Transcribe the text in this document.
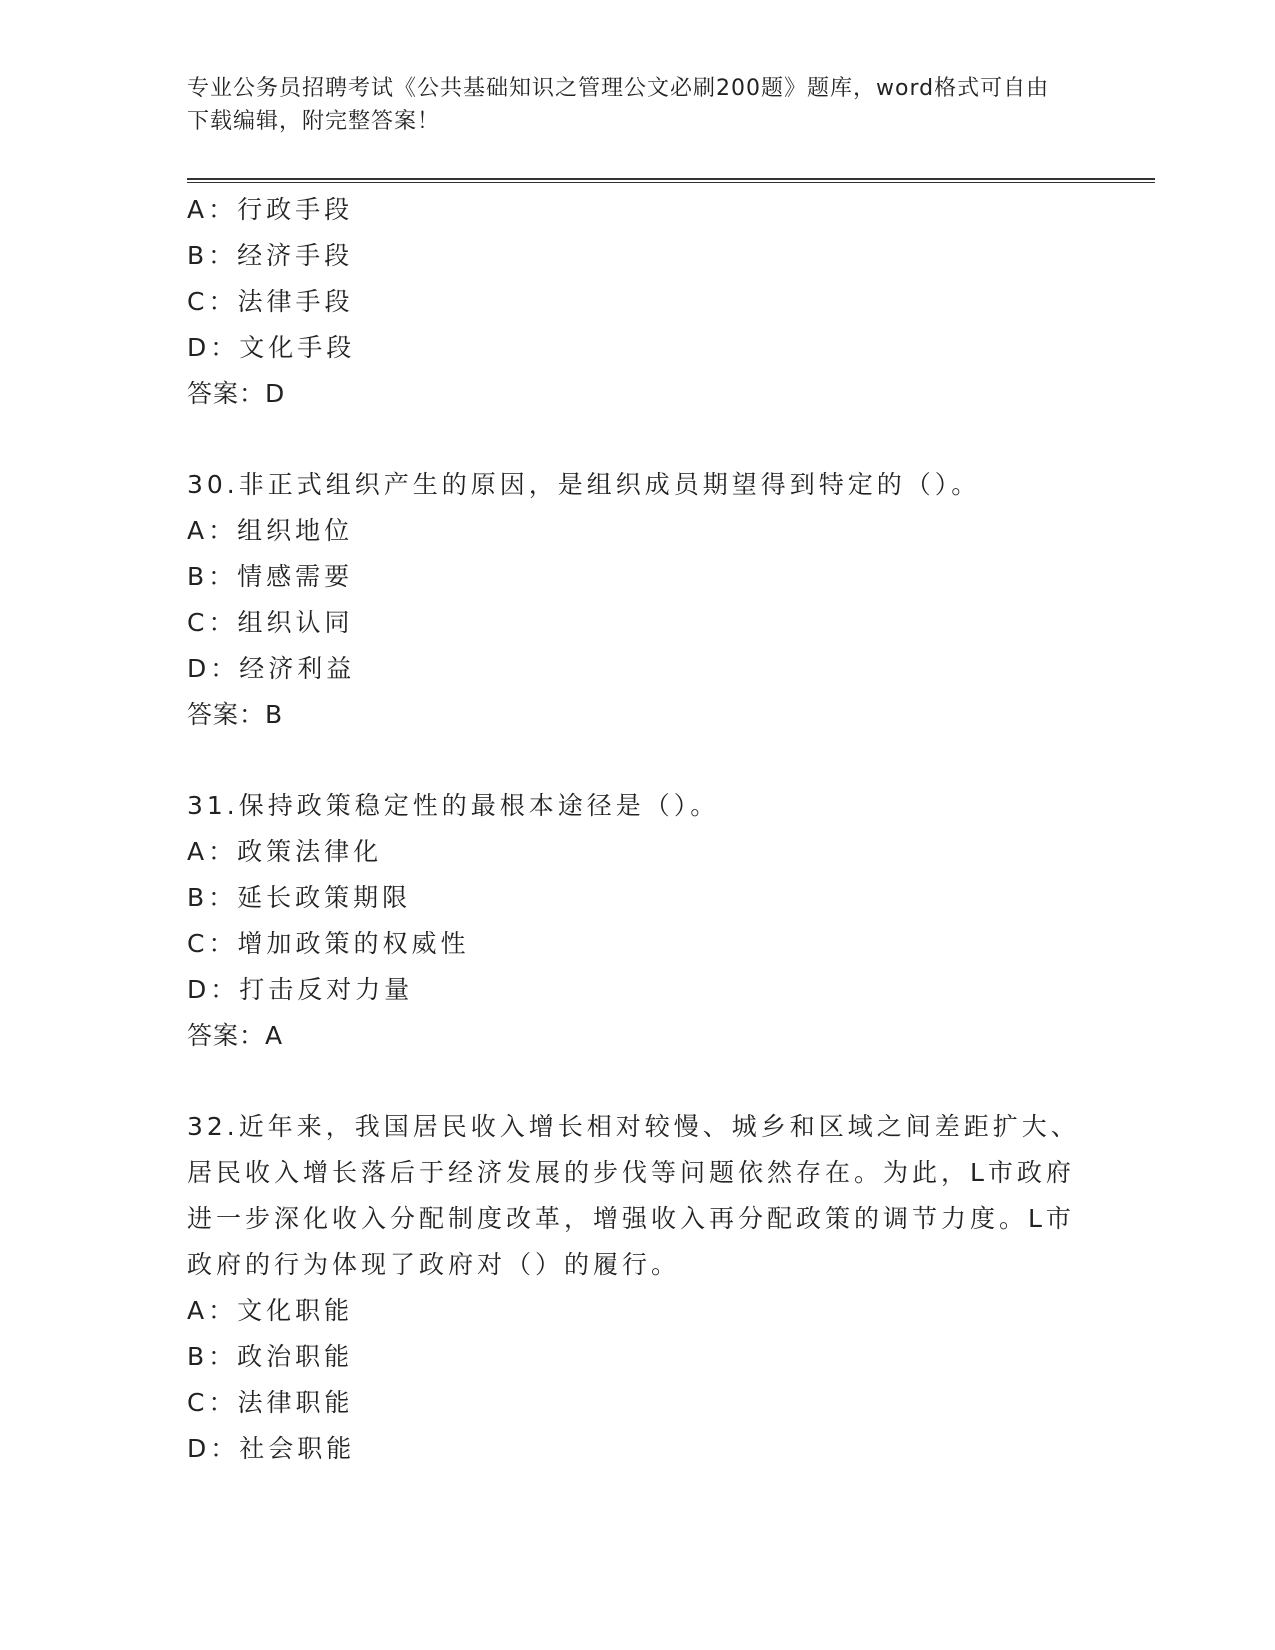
专业公务员招聘考试《公共基础知识之管理公文必刷200题》题库，word格式可自由下载编辑，附完整答案！
A：行政手段
B：经济手段
C：法律手段
D：文化手段
答案：D
30.非正式组织产生的原因，是组织成员期望得到特定的（）。
A：组织地位
B：情感需要
C：组织认同
D：经济利益
答案：B
31.保持政策稳定性的最根本途径是（）。
A：政策法律化
B：延长政策期限
C：增加政策的权威性
D：打击反对力量
答案：A
32.近年来，我国居民收入增长相对较慢、城乡和区域之间差距扩大、居民收入增长落后于经济发展的步伐等问题依然存在。为此，L市政府进一步深化收入分配制度改革，增强收入再分配政策的调节力度。L市政府的行为体现了政府对（）的履行。
A：文化职能
B：政治职能
C：法律职能
D：社会职能
